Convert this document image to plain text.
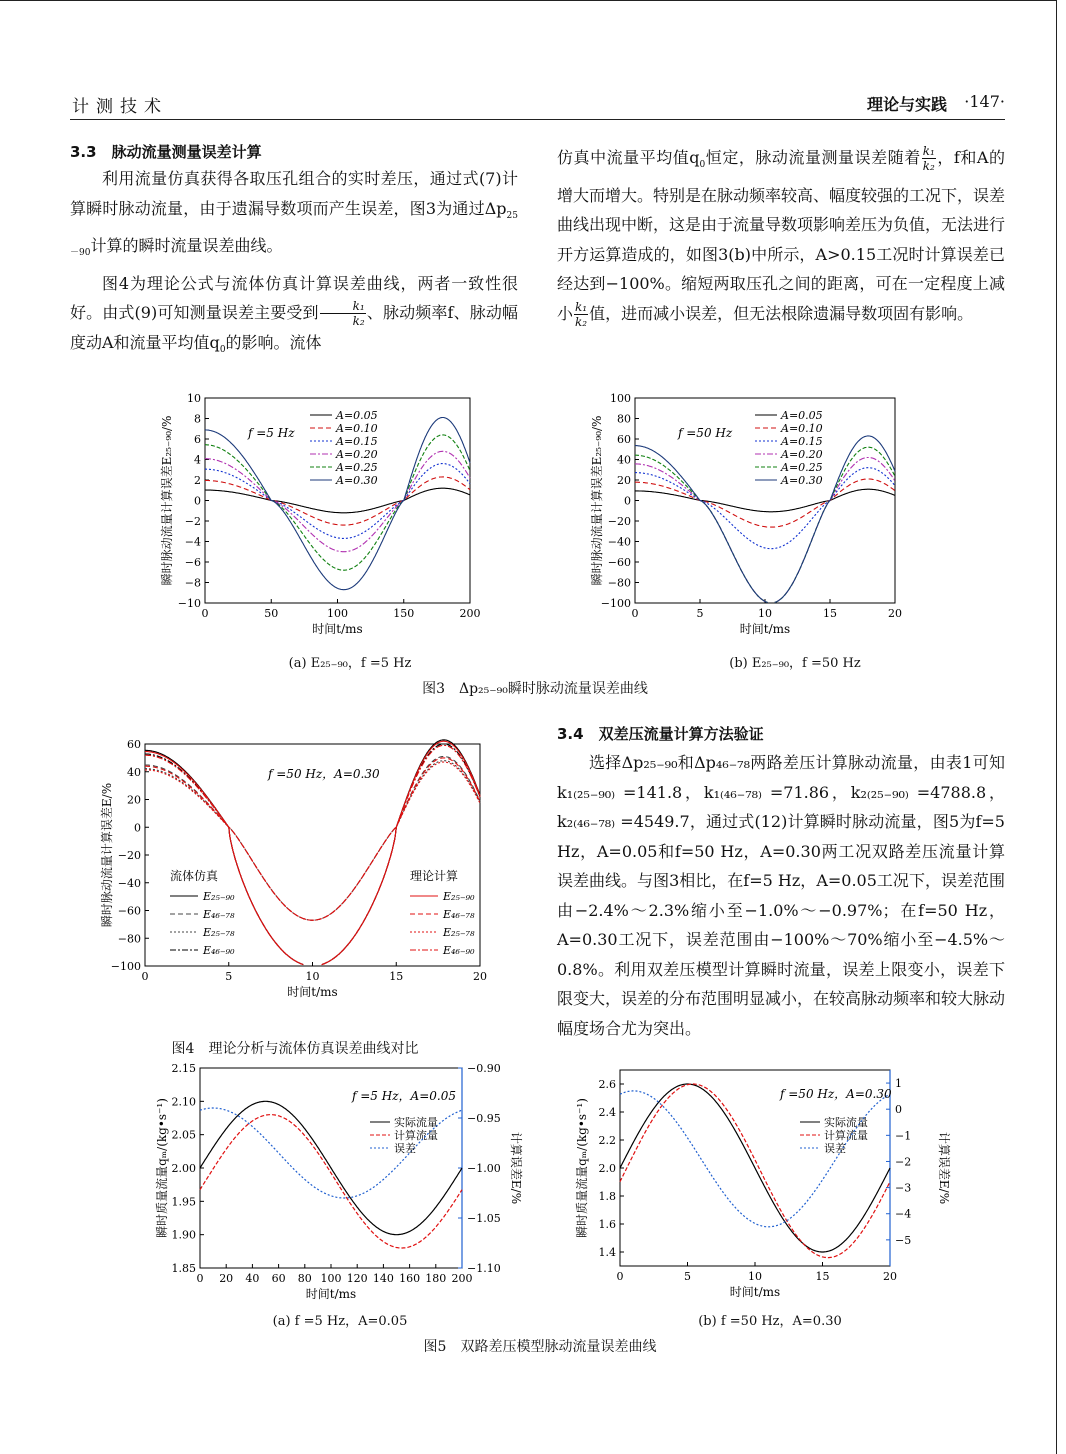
计测技术	理论与实践 ·147·
3.3　脉动流量测量误差计算

利用流量仿真获得各取压孔组合的实时差压，通过式(7)计算瞬时脉动流量，由于遗漏导数项而产生误差，图3为通过$\Delta p_{25-90}$计算的瞬时流量误差曲线。

图4为理论公式与流体仿真计算误差曲线，两者一致性很好。由式(9)可知测量误差主要受到 $\frac{\text{k₁}}{\text{k₂}}$ 、脉动频率f、脉动幅度动A和流量平均值$q_0$的影响。流体

仿真中流量平均值$q_0$恒定，脉动流量测量误差随着 $\frac{\text{k₁}}{\text{k₂}}$ ，f和A的增大而增大。特别是在脉动频率较高、幅度较强的工况下，误差曲线出现中断，这是由于流量导数项影响差压为负值，无法进行开方运算造成的，如图3(b)中所示，A>0.15工况时计算误差已经达到−100%。缩短两取压孔之间的距离，可在一定程度上减小 $\frac{\text{k₁}}{\text{k₂}}$ 值，进而减小误差，但无法根除遗漏导数项固有影响。

0	50	100	150	200
10
8
6
4
2
0
−2
−4
−6
−8
−10
时间t/ms
瞬时脉动流量计算误差E₂₅₋₉₀/%
A=0.05
A=0.10
A=0.15
A=0.20
A=0.25
A=0.30
f =5 Hz
(a) E₂₅₋₉₀，f =5 Hz
0	5	10	15	20
100
80
60
40
20
0
−20
−40
−60
−80
−100
时间t/ms
瞬时脉动流量计算误差E₂₅₋₉₀/%
A=0.05
A=0.10
A=0.15
A=0.20
A=0.25
A=0.30
f =50 Hz
(b) E₂₅₋₉₀，f =50 Hz
图3　Δp₂₅₋₉₀瞬时脉动流量误差曲线
0	5	10	15	20
60
40
20
0
−20
−40
−60
−80
−100
时间t/ms
瞬时脉动流量计算误差E/%
f =50 Hz，A=0.30
流体仿真	理论计算
E₂₅₋₉₀
E₄₆₋₇₈
E₂₅₋₇₈
E₄₆₋₉₀
E₂₅₋₉₀
E₄₆₋₇₈
E₂₅₋₇₈
E₄₆₋₉₀
图4　理论分析与流体仿真误差曲线对比
3.4　双差压流量计算方法验证

选择Δp₂₅₋₉₀和Δp₄₆₋₇₈两路差压计算脉动流量，由表1可知k₁₍₂₅₋₉₀₎ =141.8，k₁₍₄₆₋₇₈₎ =71.86，k₂₍₂₅₋₉₀₎ =4788.8，k₂₍₄₆₋₇₈₎ =4549.7，通过式(12)计算瞬时脉动流量，图5为f=5 Hz，A=0.05和f=50 Hz，A=0.30两工况双路差压流量计算误差曲线。与图3相比，在f=5 Hz，A=0.05工况下，误差范围由−2.4%～2.3%缩小至−1.0%～−0.97%；在f=50 Hz，A=0.30工况下，误差范围由−100%～70%缩小至−4.5%～0.8%。利用双差压模型计算瞬时流量，误差上限变小，误差下限变大，误差的分布范围明显减小，在较高脉动频率和较大脉动幅度场合尤为突出。

0 20 40 60 80 100 120 140 160 180 200
2.15
2.10
2.05
2.00
1.95
1.90
1.85
时间t/ms
瞬时质量流量qₘ/(kg•s⁻¹)
−0.90
−0.95
−1.00
−1.05
−1.10
计算误差E/%
实际流量
计算流量
误差
f =5 Hz，A=0.05
(a) f =5 Hz，A=0.05
0	5	10	15	20
2.6
2.4
2.2
2.0
1.8
1.6
1.4
时间t/ms
瞬时质量流量qₘ/(kg•s⁻¹)
1
0
−1
−2
−3
−4
−5
计算误差E/%
实际流量
计算流量
误差
f =50 Hz，A=0.30
(b) f =50 Hz，A=0.30
图5　双路差压模型脉动流量误差曲线
